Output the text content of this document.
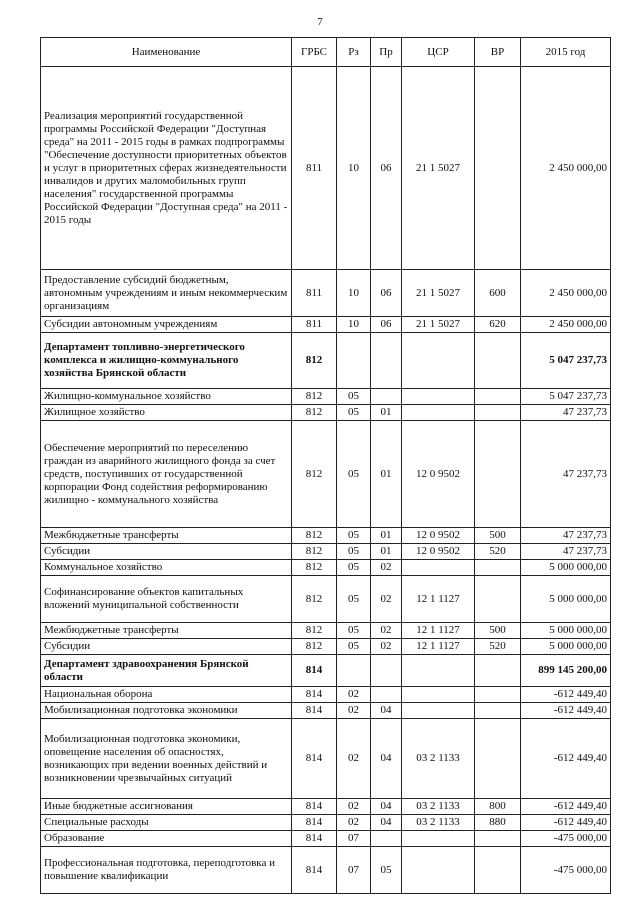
7
Наименование	ГРБС	Рз	Пр	ЦСР	ВР	2015 год
Реализация мероприятий государственной программы Российской Федерации "Доступная среда" на 2011 - 2015 годы в рамках подпрограммы "Обеспечение доступности приоритетных объектов и услуг в приоритетных сферах жизнедеятельности инвалидов и других маломобильных групп населения" государственной программы Российской Федерации "Доступная среда" на 2011 - 2015 годы	811	10	06	21 1 5027		2 450 000,00
Предоставление субсидий бюджетным, автономным учреждениям и иным некоммерческим организациям	811	10	06	21 1 5027	600	2 450 000,00
Субсидии автономным учреждениям	811	10	06	21 1 5027	620	2 450 000,00
Департамент топливно-энергетического комплекса и жилищно-коммунального хозяйства Брянской области	812					5 047 237,73
Жилищно-коммунальное хозяйство	812	05				5 047 237,73
Жилищное хозяйство	812	05	01			47 237,73
Обеспечение мероприятий по переселению граждан из аварийного жилищного фонда за счет средств, поступивших от государственной корпорации Фонд содействия реформированию жилищно - коммунального хозяйства	812	05	01	12 0 9502		47 237,73
Межбюджетные трансферты	812	05	01	12 0 9502	500	47 237,73
Субсидии	812	05	01	12 0 9502	520	47 237,73
Коммунальное хозяйство	812	05	02			5 000 000,00
Софинансирование объектов капитальных вложений муниципальной собственности	812	05	02	12 1 1127		5 000 000,00
Межбюджетные трансферты	812	05	02	12 1 1127	500	5 000 000,00
Субсидии	812	05	02	12 1 1127	520	5 000 000,00
Департамент здравоохранения Брянской области	814					899 145 200,00
Национальная оборона	814	02				-612 449,40
Мобилизационная подготовка экономики	814	02	04			-612 449,40
Мобилизационная подготовка экономики, оповещение населения об опасностях, возникающих при ведении военных действий и возникновении чрезвычайных ситуаций	814	02	04	03 2 1133		-612 449,40
Иные бюджетные ассигнования	814	02	04	03 2 1133	800	-612 449,40
Специальные расходы	814	02	04	03 2 1133	880	-612 449,40
Образование	814	07				-475 000,00
Профессиональная подготовка, переподготовка и повышение квалификации	814	07	05			-475 000,00
